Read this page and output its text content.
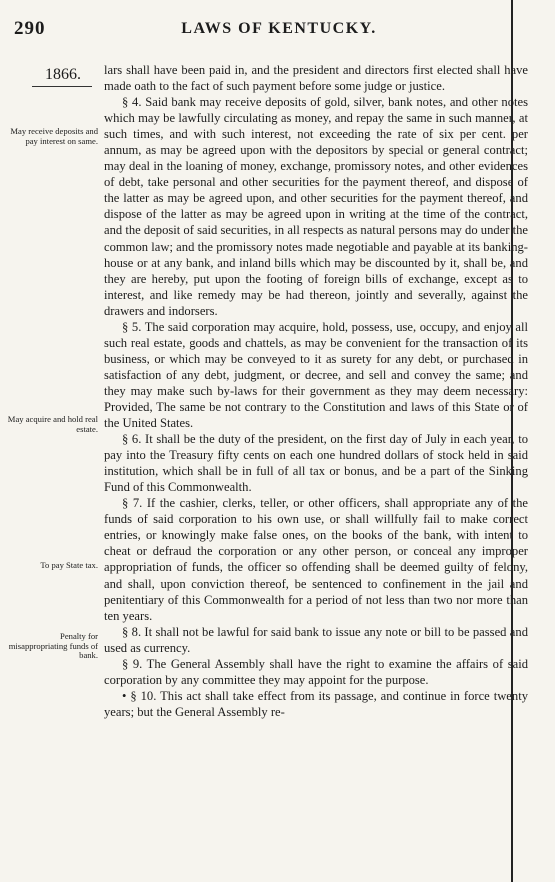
290	LAWS OF KENTUCKY.
1866.
May receive deposits and pay interest on same.
May acquire and hold real estate.
To pay State tax.
Penalty for misappropriating funds of bank.

lars shall have been paid in, and the president and directors first elected shall have made oath to the fact of such payment before some judge or justice.

§ 4. Said bank may receive deposits of gold, silver, bank notes, and other notes which may be lawfully circulating as money, and repay the same in such manner, at such times, and with such interest, not exceeding the rate of six per cent. per annum, as may be agreed upon with the depositors by special or general contract; may deal in the loaning of money, exchange, promissory notes, and other evidences of debt, take personal and other securities for the payment thereof, and dispose of the latter as may be agreed upon, and other securities for the payment thereof, and dispose of the latter as may be agreed upon in writing at the time of the contract, and the deposit of said securities, in all respects as natural persons may do under the common law; and the promissory notes made negotiable and payable at its banking-house or at any bank, and inland bills which may be discounted by it, shall be, and they are hereby, put upon the footing of foreign bills of exchange, except as to interest, and like remedy may be had thereon, jointly and severally, against the drawers and indorsers.

§ 5. The said corporation may acquire, hold, possess, use, occupy, and enjoy all such real estate, goods and chattels, as may be convenient for the transaction of its business, or which may be conveyed to it as surety for any debt, or purchased in satisfaction of any debt, judgment, or decree, and sell and convey the same; and they may make such by-laws for their government as they may deem necessary: Provided, The same be not contrary to the Constitution and laws of this State or of the United States.

§ 6. It shall be the duty of the president, on the first day of July in each year, to pay into the Treasury fifty cents on each one hundred dollars of stock held in said institution, which shall be in full of all tax or bonus, and be a part of the Sinking Fund of this Commonwealth.

§ 7. If the cashier, clerks, teller, or other officers, shall appropriate any of the funds of said corporation to his own use, or shall willfully fail to make correct entries, or knowingly make false ones, on the books of the bank, with intent to cheat or defraud the corporation or any other person, or conceal any improper appropriation of funds, the officer so offending shall be deemed guilty of felony, and shall, upon conviction thereof, be sentenced to confinement in the jail and penitentiary of this Commonwealth for a period of not less than two nor more than ten years.

§ 8. It shall not be lawful for said bank to issue any note or bill to be passed and used as currency.

§ 9. The General Assembly shall have the right to examine the affairs of said corporation by any committee they may appoint for the purpose.

• § 10. This act shall take effect from its passage, and continue in force twenty years; but the General Assembly re-
